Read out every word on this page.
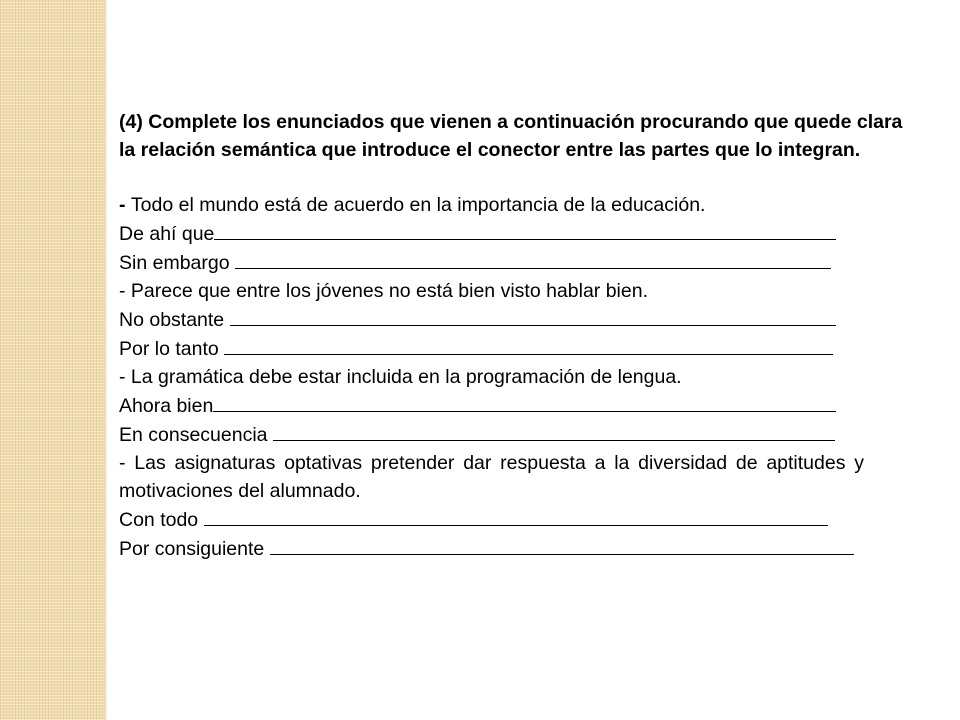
(4) Complete los enunciados que vienen a continuación procurando que quede clara la relación semántica que introduce el conector entre las partes que lo integran.

- Todo el mundo está de acuerdo en la importancia de la educación.

De ahí que

Sin embargo

- Parece que entre los jóvenes no está bien visto hablar bien.

No obstante

Por lo tanto

- La gramática debe estar incluida en la programación de lengua.

Ahora bien

En consecuencia

- Las asignaturas optativas pretender dar respuesta a la diversidad de aptitudes y motivaciones del alumnado.

Con todo

Por consiguiente
